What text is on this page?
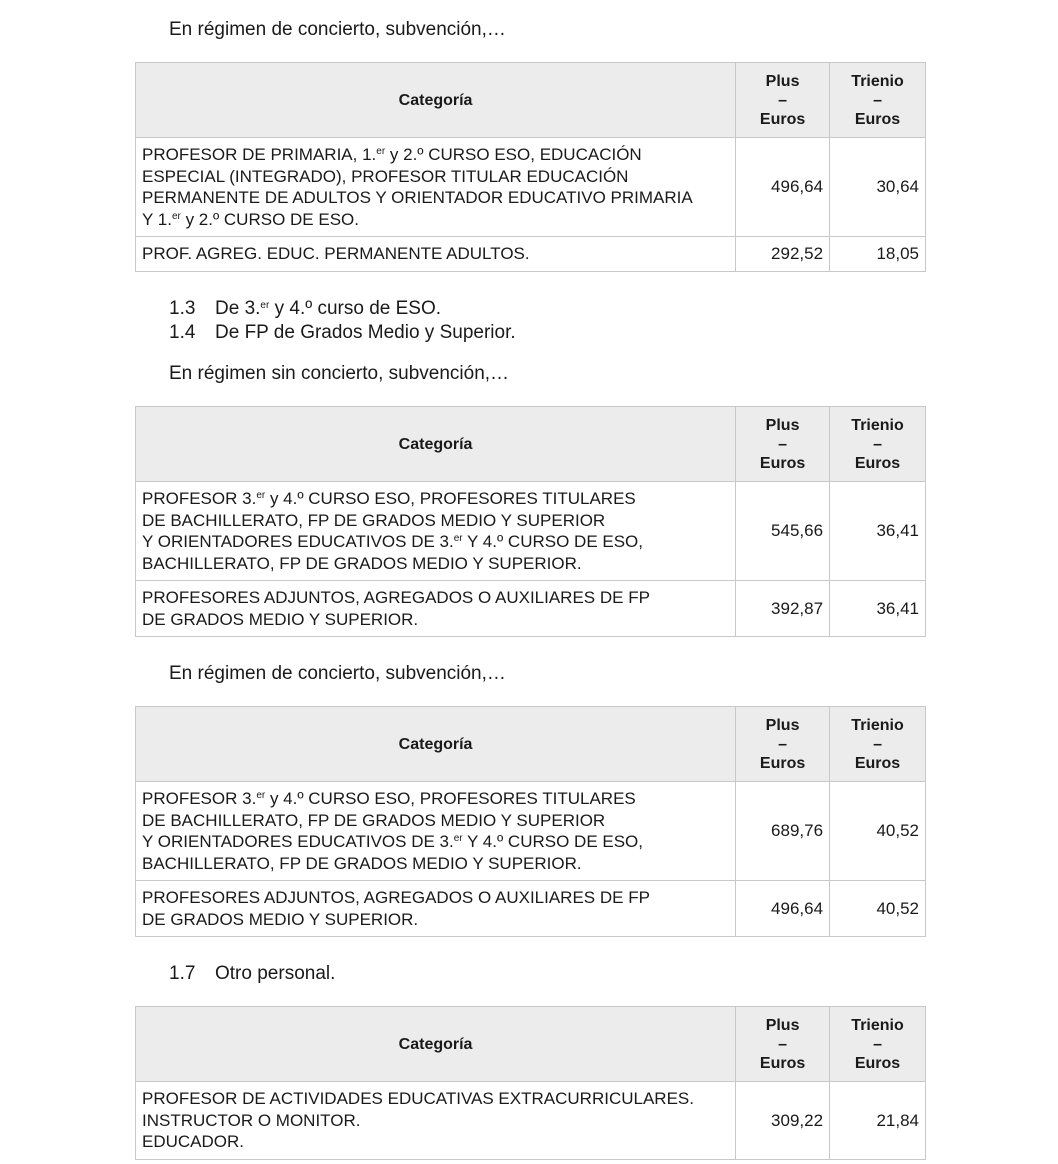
En régimen de concierto, subvención,…
Categoría	Plus
–
Euros	Trienio
–
Euros
PROFESOR DE PRIMARIA, 1.$^{er}$ y 2.º CURSO ESO, EDUCACIÓN
ESPECIAL (INTEGRADO), PROFESOR TITULAR EDUCACIÓN
PERMANENTE DE ADULTOS Y ORIENTADOR EDUCATIVO PRIMARIA
Y 1.$^{er}$ y 2.º CURSO DE ESO.	496,64	30,64
PROF. AGREG. EDUC. PERMANENTE ADULTOS.	292,52	18,05
1.3 De 3.$^{er}$ y 4.º curso de ESO.
1.4 De FP de Grados Medio y Superior.
En régimen sin concierto, subvención,…
Categoría	Plus
–
Euros	Trienio
–
Euros
PROFESOR 3.$^{er}$ y 4.º CURSO ESO, PROFESORES TITULARES
DE BACHILLERATO, FP DE GRADOS MEDIO Y SUPERIOR
Y ORIENTADORES EDUCATIVOS DE 3.$^{er}$ Y 4.º CURSO DE ESO,
BACHILLERATO, FP DE GRADOS MEDIO Y SUPERIOR.	545,66	36,41
PROFESORES ADJUNTOS, AGREGADOS O AUXILIARES DE FP
DE GRADOS MEDIO Y SUPERIOR.	392,87	36,41
En régimen de concierto, subvención,…
Categoría	Plus
–
Euros	Trienio
–
Euros
PROFESOR 3.$^{er}$ y 4.º CURSO ESO, PROFESORES TITULARES
DE BACHILLERATO, FP DE GRADOS MEDIO Y SUPERIOR
Y ORIENTADORES EDUCATIVOS DE 3.$^{er}$ Y 4.º CURSO DE ESO,
BACHILLERATO, FP DE GRADOS MEDIO Y SUPERIOR.	689,76	40,52
PROFESORES ADJUNTOS, AGREGADOS O AUXILIARES DE FP
DE GRADOS MEDIO Y SUPERIOR.	496,64	40,52
1.7 Otro personal.
Categoría	Plus
–
Euros	Trienio
–
Euros
PROFESOR DE ACTIVIDADES EDUCATIVAS EXTRACURRICULARES.
INSTRUCTOR O MONITOR.
EDUCADOR.	309,22	21,84
